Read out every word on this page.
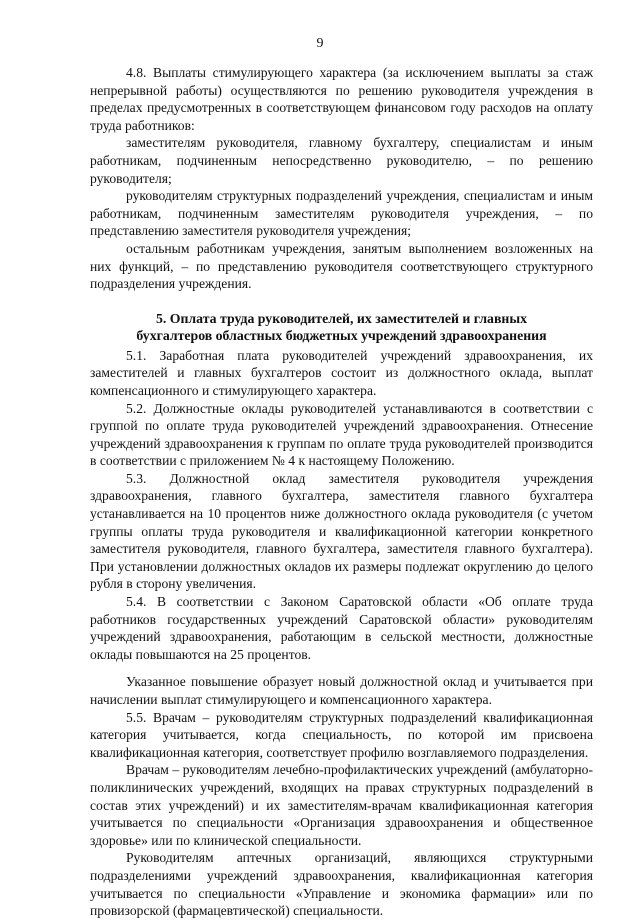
9

4.8. Выплаты стимулирующего характера (за исключением выплаты за стаж непрерывной работы) осуществляются по решению руководителя учреждения в пределах предусмотренных в соответствующем финансовом году расходов на оплату труда работников:

заместителям руководителя, главному бухгалтеру, специалистам и иным работникам, подчиненным непосредственно руководителю, – по решению руководителя;

руководителям структурных подразделений учреждения, специалистам и иным работникам, подчиненным заместителям руководителя учреждения, – по представлению заместителя руководителя учреждения;

остальным работникам учреждения, занятым выполнением возложенных на них функций, – по представлению руководителя соответствующего структурного подразделения учреждения.

5. Оплата труда руководителей, их заместителей и главных
бухгалтеров областных бюджетных учреждений здравоохранения

5.1. Заработная плата руководителей учреждений здравоохранения, их заместителей и главных бухгалтеров состоит из должностного оклада, выплат компенсационного и стимулирующего характера.

5.2. Должностные оклады руководителей устанавливаются в соответствии с группой по оплате труда руководителей учреждений здравоохранения. Отнесение учреждений здравоохранения к группам по оплате труда руководителей производится в соответствии с приложением № 4 к настоящему Положению.

5.3. Должностной оклад заместителя руководителя учреждения здравоохранения, главного бухгалтера, заместителя главного бухгалтера устанавливается на 10 процентов ниже должностного оклада руководителя (с учетом группы оплаты труда руководителя и квалификационной категории конкретного заместителя руководителя, главного бухгалтера, заместителя главного бухгалтера). При установлении должностных окладов их размеры подлежат округлению до целого рубля в сторону увеличения.

5.4. В соответствии с Законом Саратовской области «Об оплате труда работников государственных учреждений Саратовской области» руководителям учреждений здравоохранения, работающим в сельской местности, должностные оклады повышаются на 25 процентов.

Указанное повышение образует новый должностной оклад и учитывается при начислении выплат стимулирующего и компенсационного характера.

5.5. Врачам – руководителям структурных подразделений квалификационная категория учитывается, когда специальность, по которой им присвоена квалификационная категория, соответствует профилю возглавляемого подразделения.

Врачам – руководителям лечебно-профилактических учреждений (амбулаторно-поликлинических учреждений, входящих на правах структурных подразделений в состав этих учреждений) и их заместителям-врачам квалификационная категория учитывается по специальности «Организация здравоохранения и общественное здоровье» или по клинической специальности.

Руководителям аптечных организаций, являющихся структурными подразделениями учреждений здравоохранения, квалификационная категория учитывается по специальности «Управление и экономика фармации» или по провизорской (фармацевтической) специальности.
